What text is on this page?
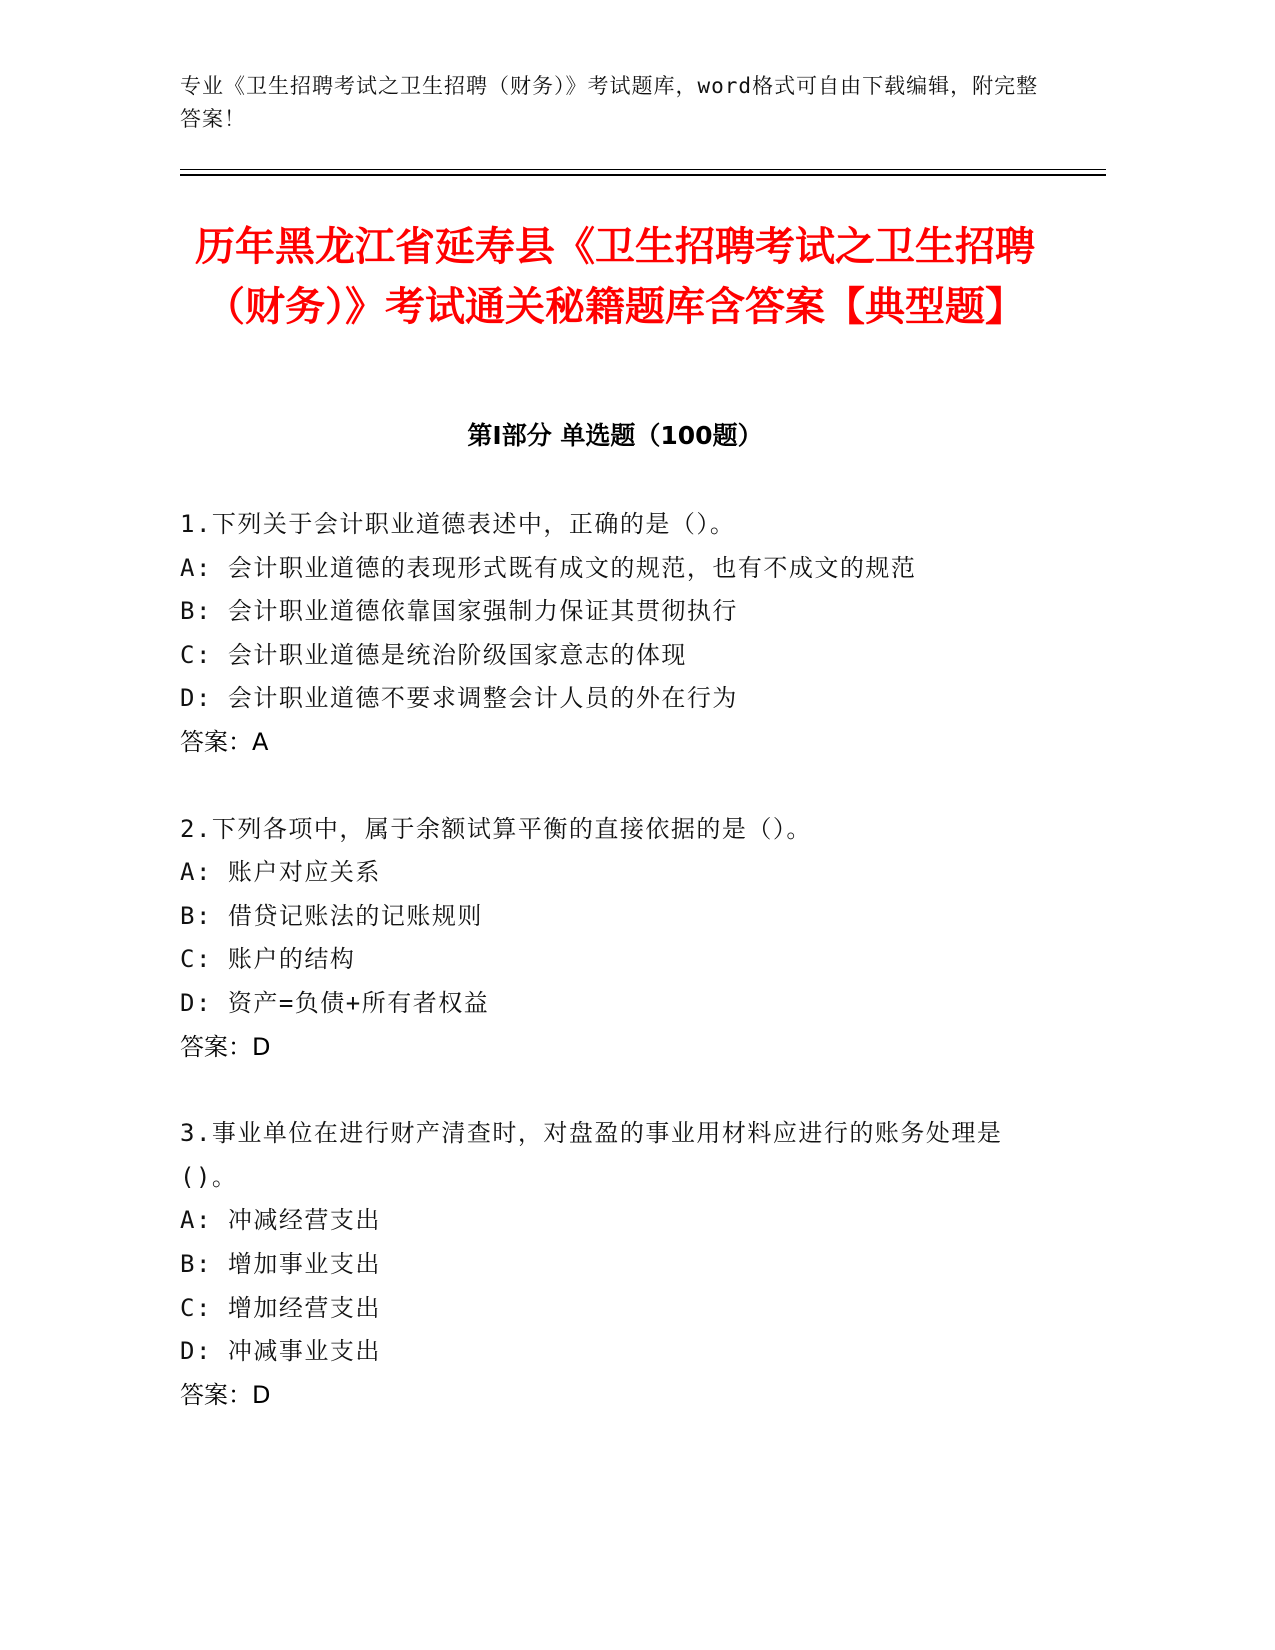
专业《卫生招聘考试之卫生招聘（财务）》考试题库，word格式可自由下载编辑，附完整答案！
历年黑龙江省延寿县《卫生招聘考试之卫生招聘（财务）》考试通关秘籍题库含答案【典型题】
第I部分 单选题（100题）
1.下列关于会计职业道德表述中，正确的是（）。
A: 会计职业道德的表现形式既有成文的规范，也有不成文的规范
B: 会计职业道德依靠国家强制力保证其贯彻执行
C: 会计职业道德是统治阶级国家意志的体现
D: 会计职业道德不要求调整会计人员的外在行为
答案：A
2.下列各项中，属于余额试算平衡的直接依据的是（）。
A: 账户对应关系
B: 借贷记账法的记账规则
C: 账户的结构
D: 资产=负债+所有者权益
答案：D
3.事业单位在进行财产清查时，对盘盈的事业用材料应进行的账务处理是()。
A: 冲减经营支出
B: 增加事业支出
C: 增加经营支出
D: 冲减事业支出
答案：D
